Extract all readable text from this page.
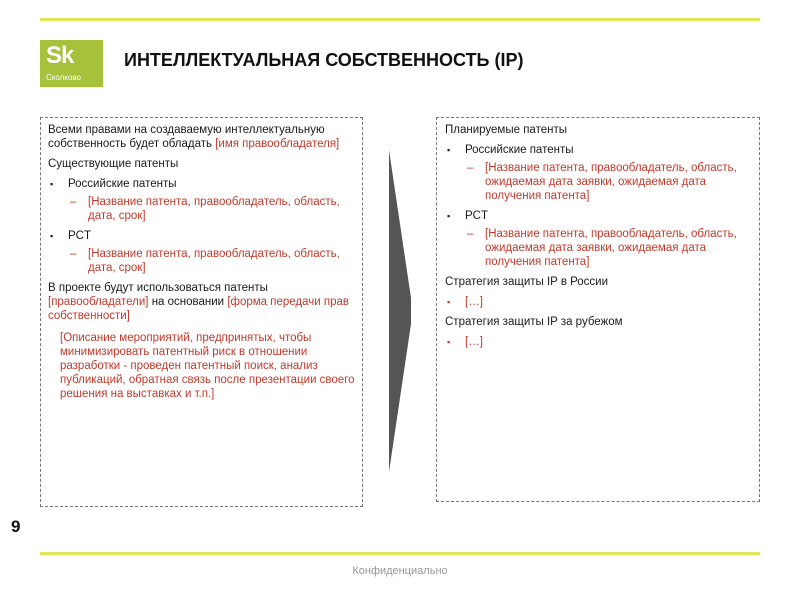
Sk
Сколково
ИНТЕЛЛЕКТУАЛЬНАЯ СОБСТВЕННОСТЬ (IP)

Всеми правами на создаваемую интеллектуальную собственность будет обладать [имя правообладателя]

Существующие патенты

▪ Российские патенты
– [Название патента, правообладатель, область, дата, срок]
▪ PCT
– [Название патента, правообладатель, область, дата, срок]

В проекте будут использоваться патенты [правообладатели] на основании [форма передачи прав собственности]

[Описание мероприятий, предпринятых, чтобы минимизировать патентный риск в отношении разработки - проведен патентный поиск, анализ публикаций, обратная связь после презентации своего решения на выставках и т.п.]

Планируемые патенты

▪ Российские патенты
– [Название патента, правообладатель, область, ожидаемая дата заявки, ожидаемая дата получения патента]
▪ PCT
– [Название патента, правообладатель, область, ожидаемая дата заявки, ожидаемая дата получения патента]

Стратегия защиты IP в России

▪ […]

Стратегия защиты IP за рубежом

▪ […]
9
Конфиденциально
